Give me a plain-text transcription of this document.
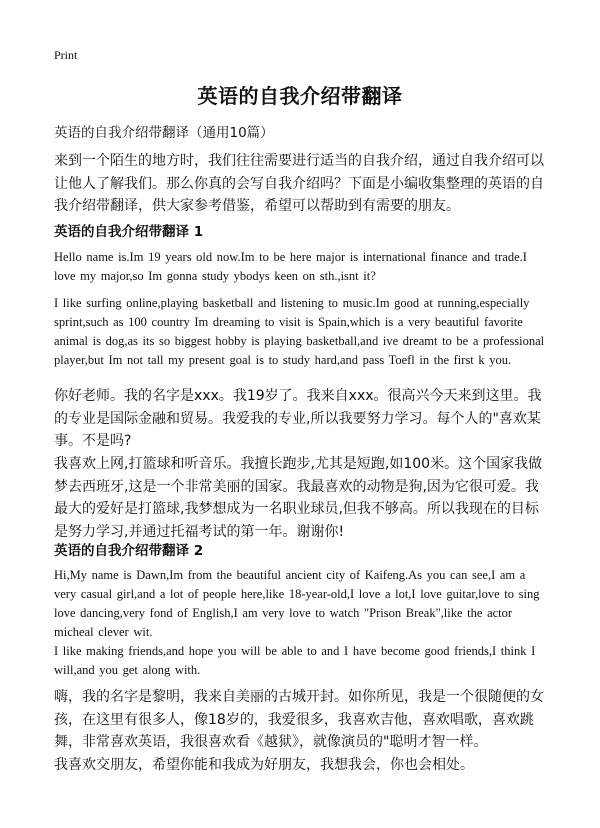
Print

英语的自我介绍带翻译

英语的自我介绍带翻译（通用10篇）

来到一个陌生的地方时，我们往往需要进行适当的自我介绍，通过自我介绍可以让他人了解我们。那么你真的会写自我介绍吗？下面是小编收集整理的英语的自我介绍带翻译，供大家参考借鉴，希望可以帮助到有需要的朋友。

英语的自我介绍带翻译 1

Hello name is.Im 19 years old now.Im to be here major is international finance and trade.I love my major,so Im gonna study ybodys keen on sth.,isnt it?

I like surfing online,playing basketball and listening to music.Im good at running,especially sprint,such as 100 country Im dreaming to visit is Spain,which is a very beautiful favorite animal is dog,as its so biggest hobby is playing basketball,and ive dreamt to be a professional player,but Im not tall my present goal is to study hard,and pass Toefl in the first k you.

你好老师。我的名字是xxx。我19岁了。我来自xxx。很高兴今天来到这里。我的专业是国际金融和贸易。我爱我的专业,所以我要努力学习。每个人的"喜欢某事。不是吗?

我喜欢上网,打篮球和听音乐。我擅长跑步,尤其是短跑,如100米。这个国家我做梦去西班牙,这是一个非常美丽的国家。我最喜欢的动物是狗,因为它很可爱。我最大的爱好是打篮球,我梦想成为一名职业球员,但我不够高。所以我现在的目标是努力学习,并通过托福考试的第一年。谢谢你!

英语的自我介绍带翻译 2

Hi,My name is Dawn,Im from the beautiful ancient city of Kaifeng.As you can see,I am a very casual girl,and a lot of people here,like 18-year-old,I love a lot,I love guitar,love to sing love dancing,very fond of English,I am very love to watch "Prison Break",like the actor micheal clever wit.

I like making friends,and hope you will be able to and I have become good friends,I think I will,and you get along with.

嗨，我的名字是黎明，我来自美丽的古城开封。如你所见，我是一个很随便的女孩，在这里有很多人，像18岁的，我爱很多，我喜欢吉他，喜欢唱歌，喜欢跳舞，非常喜欢英语，我很喜欢看《越狱》，就像演员的"聪明才智一样。

我喜欢交朋友，希望你能和我成为好朋友，我想我会，你也会相处。
